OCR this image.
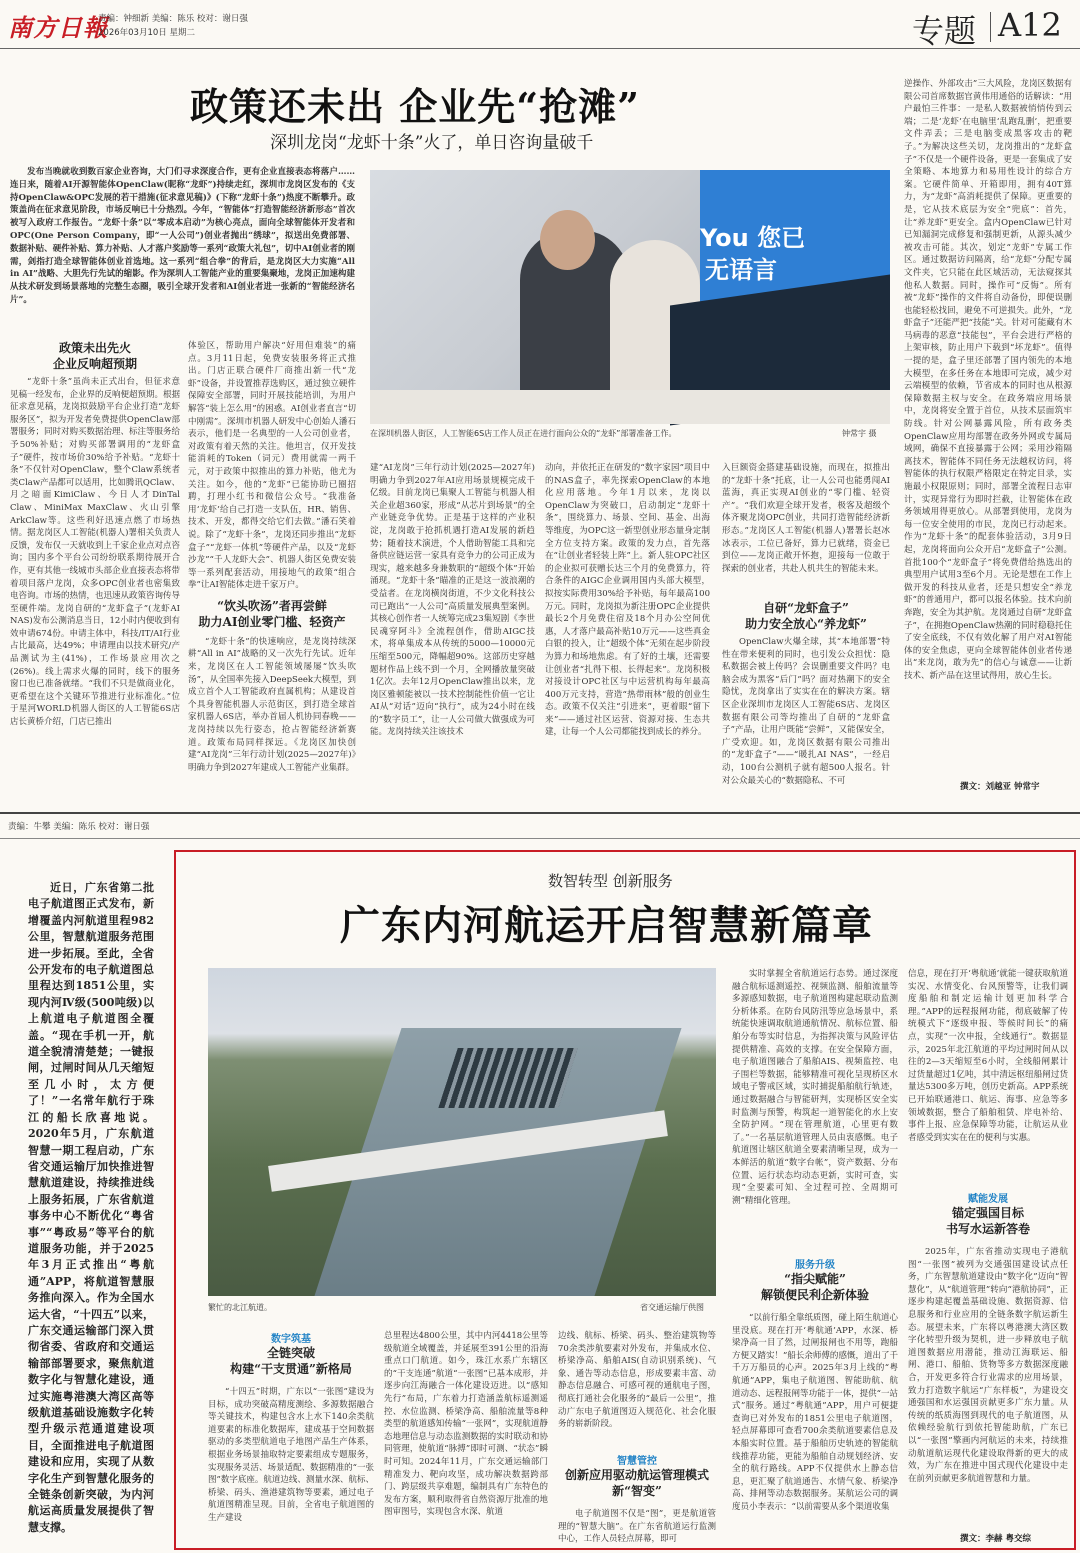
南方日報
责编：钟细新 美编：陈乐 校对：谢日强
2026年03月10日 星期二	专题 A12
政策还未出 企业先“抢滩”
深圳龙岗“龙虾十条”火了，单日咨询量破千
发布当晚就收到数百家企业咨询，大门们寻求深度合作，更有企业直接表态将落户……连日来，随着AI开源智能体OpenClaw(昵称“龙虾”)持续走红，深圳市龙岗区发布的《支持OpenClaw&OPC发展的若干措施(征求意见稿)》(下称“龙虾十条”)热度不断攀升。政策盖尚在征求意见阶段，市场反响已十分热烈。今年，“智能体”打造智能经济新形态”首次被写入政府工作报告。“龙虾十条”以“零成本启动”为核心亮点，面向全球智能体开发者和OPC(One Person Company，即“一人公司”)创业者抛出“绣球”，拟送出免费部署、数据补贴、硬件补贴、算力补贴、人才落户奖励等一系列“政策大礼包”，切中AI创业者的刚需，剑指打造全球智能体创业首选地。这一系列“组合拳”的背后，是龙岗区大力实施“All in AI”战略、大胆先行先试的缩影。作为深圳人工智能产业的重要集聚地，龙岗正加速构建从技术研发到场景落地的完整生态圈，吸引全球开发者和AI创业者进一张新的“智能经济名片”。
You 您已
无语言
在深圳机器人街区，人工智能6S店工作人员正在进行面向公众的“龙虾”部署准备工作。	钟常宇 摄
政策未出先火
企业反响超预期
“龙虾十条”虽尚未正式出台，但征求意见稿一经发布，企业界的反响便超预期。根据征求意见稿，龙岗拟鼓励平台企业打造“龙虾服务区”，拟为开发者免费提供OpenClaw部署服务；同时对购买数据治理、标注等服务给予50%补贴；对购买部署调用的“龙虾盒子”硬件，按市场价30%给予补贴。“龙虾十条”不仅针对OpenClaw，整个Claw系统者类Claw产品都可以适用，比如腾讯QClaw、月之暗面KimiClaw、今日人才DinTal Claw、MiniMax MaxClaw、火山引擎ArkClaw等。这些利好迅速点燃了市场热情。据龙岗区人工智能(机器人)署相关负责人反馈，发布仅一天就收到上千家企业点对点咨询；国内多个平台公司纷纷联系期待展开合作，更有其他一线城市头部企业直接表态将带着项目落户龙岗，众多OPC创业者也密集致电咨询。市场的热情，也迅速从政策咨询传导至硬件端。龙岗自研的“龙虾盒子”(龙虾AI NAS)发布公测消息当日，12小时内便收到有效申请674份。申请主体中，科技/IT/AI行业占比最高，达49%；申请理由以技术研究/产品测试为主(41%)，工作场景应用次之(26%)。线上需求火爆的同时，线下的服务窗口也已准备就绪。“我们不只是做商业化，更希望在这个关键环节推进行业标准化。”位于星河WORLD机器人街区的人工智能6S店店长黄桥介绍，门店已推出
体验区，帮助用户解决“好用但难装”的痛点。3月11日起，免费安装服务将正式推出。门店正联合硬件厂商推出新一代“龙虾”设备，并设置推荐选购区，通过独立硬件保障安全部署，同时开展技能培训，为用户解答“装上怎么用”的困惑。AI创业者直言“切中刚需”。深圳市机器人研发中心创始人潘石表示，他们是一名典型的一人公司创业者，对政策有着天然的关注。他坦言，仅开发技能消耗的Token（词元）费用就需一两千元，对于政策中拟推出的算力补贴，他尤为关注。如今，他的“龙虾”已能协助已圈招聘，打理小红书和微信公众号。“我准备用‘龙虾’给自己打造一支队伍，HR、销售、技术、开发，都得交给它们去做。”潘石笑着说。除了“龙虾十条”，龙岗还同步推出“龙虾盒子”“龙虾一体机”等硬件产品，以及“龙虾沙龙”“千人龙虾大会”、机器人街区免费安装等一系列配套活动，用接地气的政策“组合拳”让AI智能体走进千家万户。
“饮头吹汤”者再尝鲜
助力AI创业零门槛、轻资产
“龙虾十条”的快速响应，是龙岗持续深耕“All in AI”战略的又一次先行先试。近年来，龙岗区在人工智能领域屡屡“饮头吹汤”，从全国率先接入DeepSeek大模型，到成立首个人工智能政府直属机构；从建设首个具身智能机器人示范街区，到打造全球首家机器人6S店，举办首届人机协同春晚——龙岗持续以先行姿态，抢占智能经济新赛道。政策布局同样探远。《龙岗区加快创建“AI龙岗”三年行动计划(2025—2027年)》明确力争到2027年建成人工智能产业集群。
建“AI龙岗”三年行动计划(2025—2027年)明确力争到2027年AI应用场景规模完成千亿级。目前龙岗已集聚人工智能与机器人相关企业超360家，形成“从芯片到场景”的全产业链竞争优势。正是基于这样的产业积淀，龙岗敢于抢抓机遇打造AI发展的新趋势；随着技术演进，个人借助智能工具和完备供应链运营一家具有竞争力的公司正成为现实，越来越多身兼数职的“超级个体”开始涌现。“龙虾十条”瞄准的正是这一波浪潮的受益者。在龙岗横岗街道，不少文化科技公司已跑出“一人公司”高质量发展典型案例。其核心创作者一人统筹完成23集短剧《李世民魂穿阿斗》全流程创作，借助AIGC技术，将单集成本从传统的5000—10000元压缩至500元，降幅超90%。这部历史穿越题材作品上线不到一个月，全网播放量突破1亿次。去年12月OpenClaw推出以来，龙岗区雅顿能被以一技术控制能性价值一它让AI从“对话”迈向“执行”，成为24小时在线的“数字员工”，让一人公司做大做强成为可能。龙岗持续关注该技术
动向，并依托正在研发的“数字家园”项目中的NAS盒子，率先探索OpenClaw的本地化应用落地。今年1月以来，龙岗以OpenClaw为突破口，启动制定“龙虾十条”，围绕算力、场景、空间、基金、出海等维度，为OPC这一新型创业形态量身定制全方位支持方案。政策的发力点，首先落在“让创业者轻装上阵”上。新人驻OPC社区的企业拟可获赠长达三个月的免费算力，符合条件的AIGC企业调用国内头部大模型，拟按实际费用30%给予补贴，每年最高100万元。同时，龙岗拟为新注册OPC企业提供最长2个月免费住宿及18个月办公空间优惠，人才落户最高补贴10万元——这些真金白银的投入，让“超级个体”无须在起步阶段为算力和场地焦虑。有了好的土壤，还需要让创业者“扎得下根、长得起来”。龙岗积极对接设计OPC社区与中运营机构每年最高400万元支持，营造“热带雨林”般的创业生态。政策不仅关注“引进来”，更着眼“留下来”——通过社区运营、资源对接、生态共建，让每一个人公司都能找到成长的养分。
入巨额资金搭建基础设施，而现在，拟推出的“龙虾十条”托底，让一人公司也能勇闯AI蓝海，真正实现AI创业的“零门槛、轻资产”。“我们欢迎全球开发者，极客及超级个体齐聚龙岗OPC创业，共同打造智能经济新形态。”龙岗区人工智能(机器人)署署长赵冰冰表示，工位已备好，算力已就绪，资金已到位——龙岗正敞开怀抱，迎接每一位敢于探索的创业者，共赴人机共生的智能未来。
自研“龙虾盒子”
助力安全放心“养龙虾”
OpenClaw火爆全球，其“本地部署”特性在带来便利的同时，也引发公众担忧：隐私数据会被上传吗？会误删重要文件吗？电脑会成为黑客“后门”吗？面对热潮下的安全隐忧，龙岗拿出了实实在在的解决方案。辖区企业深圳市龙岗区人工智能6S店、龙岗区数据有限公司等均推出了自研的“龙虾盒子”产品，让用户既能“尝鲜”，又能保安全，广受欢迎。如，龙岗区数据有限公司推出的“龙虾盒子”——“暖扎AI NAS”，一经启动，100台公测机子就有超500人报名。针对公众最关心的“数据隐私、不可
逆操作、外部攻击”三大风险，龙岗区数据有限公司首席数据官黄伟用通俗的话解读：“用户最怕三件事：一是私人数据被悄悄传到云端；二是‘龙虾’在电脑里‘乱跑乱删’，把重要文件弄丢；三是电脑变成黑客攻击的靶子。”为解决这些关切，龙岗推出的“龙虾盒子”不仅是一个硬件设备，更是一套集成了安全策略、本地算力和易用性设计的综合方案。它硬件简单、开箱即用，拥有40T算力，为“龙虾”高消耗提供了保障。更重要的是，它从技术底层为安全“兜底”：首先，让“养龙虾”更安全。盒内OpenClaw已针对已知漏洞完成修复和强制更新，从源头减少被攻击可能。其次，划定“龙虾”专属工作区。通过数据访问隔离，给“龙虾”分配专属文件夹，它只能在此区域活动，无法窥探其他私人数据。同时，操作可“反悔”。所有被“龙虾”操作的文件将自动备份，即便误删也能轻松找回，避免不可逆损失。此外，“龙虾盒子”还能严把“技能”关。针对可能藏有木马病毒的恶意“技能包”，平台会进行严格的上架审核，防止用户下载到“坏龙虾”。值得一提的是，盒子里还部署了国内领先的本地大模型，在多任务在本地即可完成，减少对云端模型的依赖，节省成本的同时也从根源保障数据主权与安全。在政务端应用场景中，龙岗将安全置于首位，从技术层面筑牢防线。针对公网暴露风险，所有政务类OpenClaw应用均部署在政务外网或专属局域网，确保不直接暴露于公网；采用沙箱隔离技术，智能体不同任务无法越权访问，将智能体的执行权限严格限定在特定目录，实施最小权限原则；同时，部署全流程日志审计，实现异常行为即时拦截，让智能体在政务领域用得更放心。从部署到使用，龙岗为每一位安全使用的市民，龙岗已行动起来。作为“龙虾十条”的配套体验活动，3月9日起，龙岗将面向公众开启“龙虾盒子”公测。首批100个“龙虾盒子”将免费借给热选出的典型用户试用3至6个月。无论是想在工作上做开发的科技从业者，还是只想安全“养龙虾”的普通用户，都可以报名体验。技术向前奔跑，安全为其护航。龙岗通过自研“龙虾盒子”，在拥抱OpenClaw热潮的同时稳稳托住了安全底线，不仅有效化解了用户对AI智能体的安全焦虑，更向全球智能体创业者传递出“来龙岗，敢为先”的信心与诚意——让新技术、新产品在这里试得用，放心生长。
撰文：刘越亚 钟常宇
责编：牛攀 美编：陈乐 校对：谢日强
近日，广东省第二批电子航道图正式发布，新增覆盖内河航道里程982公里，智慧航道服务范围进一步拓展。至此，全省公开发布的电子航道图总里程达到1851公里，实现内河Ⅳ级(500吨级)以上航道电子航道图全覆盖。“现在手机一开，航道全貌清清楚楚；一键报闸，过闸时间从几天缩短至几小时，太方便了！”一名常年航行于珠江的船长欣喜地说。2020年5月，广东航道智慧一期工程启动，广东省交通运输厅加快推进智慧航道建设，持续推进线上服务拓展，广东省航道事务中心不断优化“粤省事”“粤政易”等平台的航道服务功能，并于2025年3月正式推出“粤航通”APP，将航道智慧服务推向深入。作为全国水运大省，“十四五”以来，广东交通运输部门深入贯彻省委、省政府和交通运输部部署要求，聚焦航道数字化与智慧化建设，通过实施粤港澳大湾区高等级航道基础设施数字化转型升级示范通道建设项目，全面推进电子航道图建设和应用，实现了从数字化生产到智慧化服务的全链条创新突破，为内河航运高质量发展提供了智慧支撑。
数智转型 创新服务
广东内河航运开启智慧新篇章
繁忙的北江航道。	省交通运输厅供图
数字筑基
全链突破
构建“干支贯通”新格局
“十四五”时期，广东以“一张图”建设为目标，成功突破高精度测绘、多源数据融合等关键技术，构建包含水上水下140余类航道要素的标准化数据库，建成基于空间数据驱动的多类型航道电子地图产品生产体系，根据业务场景抽取特定要素组成专题服务，实现服务灵活、场景适配、数据精准的“一张图”数字底座。航道边线、测量水深、航标、桥梁、码头、渔港建筑物等要素，通过电子航道图精准呈现。目前，全省电子航道图的生产建设
总里程达4800公里，其中内河4418公里等级航道全域覆盖，并延展至391公里的沿海重点口门航道。如今，珠江水系广东辖区的“干支连通”航道“一张图”已基本成形，并逐步向江海融合一体化建设迈进。以“感知先行”布局，广东着力打造涵盖航标遥测遥控、水位监测、桥梁净高、船舶流量等8种类型的航道感知传输“一张网”，实现航道静态地理信息与动态监测数据的实时联动和协同管理，使航道“脉搏”即时可测、“状态”瞬时可知。2024年11月，广东交通运输部门精准发力、靶向攻坚，成功解决数据跨部门、跨层级共享难题，编制具有广东特色的发布方案，顺利取得省自然资源厅批准的地图审图号，实现包含水深、航道
边线、航标、桥梁、码头、整治建筑物等70余类涉航要素对外发布，并集成水位、桥梁净高、船舶AIS(自动识别系统)、气象、通告等动态信息，形成要素丰富、动静态信息融合、可感可视的通航电子图，彻底打通社会化服务的“最后一公里”，推动广东电子航道图迈入规范化、社会化服务的崭新阶段。
智慧管控
创新应用驱动航运管理模式新“智变”
电子航道图不仅是“图”，更是航道管理的“智慧大脑”。在广东省航道运行监测中心，工作人员轻点屏幕，即可
实时掌握全省航道运行态势。通过深度融合航标遥测遥控、视频监测、船舶流量等多源感知数据，电子航道图构建起联动监测分析体系。在防台风防汛等应急场景中，系统能快速调取航道通航情况、航标位置、船舶分布等实时信息，为指挥决策与风险评估提供精准、高效的支撑。在安全保障方面，电子航道图融合了船舶AIS、视频监控、电子围栏等数据，能够精准可视化呈现桥区水域电子警戒区域，实时捕捉船舶航行轨迹，通过数据融合与智能研判，实现桥区安全实时监测与预警，构筑起一道智能化的水上安全防护网。“现在管理航道，心里更有数了。”一名基层航道管理人员由衷感慨。电子航道图让辖区航道全要素清晰呈现，成为一本鲜活的航道“数字台帐”，资产数据、分布位置、运行状态均动态更新，实时可查，实现“全要素可知、全过程可控、全周期可溯”精细化管理。
服务升级
“指尖赋能”
解锁便民利企新体验
“以前行船全靠纸质图，碰上陌生航道心里没底。现在打开‘粤航通’APP，水深、桥梁净高一目了然，过闸报闸也不用等，跑船方便又踏实！”船长余师傅的感慨，道出了千千万万船员的心声。2025年3月上线的“粤航通”APP，集电子航道图、智能助航、航道动态、远程报闸等功能于一体，提供“一站式”服务。通过“粤航通”APP，用户可便捷查询已对外发布的1851公里电子航道图，轻点屏幕即可查看700余类航道要素信息及本船实时位置。基于船舶历史轨迹的智能航线推荐功能，更能为船舶自动规划经济、安全的航行路线。APP不仅提供水上静态信息，更汇聚了航道通告、水情气象、桥梁净高、排闸等动态数据服务。某航运公司的调度员小李表示：“以前需要从多个渠道收集
信息，现在打开‘粤航通’就能一键获取航道实况、水情变化、台风预警等，让我们调度船舶和制定运输计划更加科学合理。”APP的远程报闸功能，彻底破解了传统模式下“逐级申报、等候时间长”的痛点，实现“一次申报，全线通行”。数据显示，2025年北江航道的平均过闸时间从以往的2—3天缩短至6小时，全线船闸累计过货量超过1亿吨，其中清远枢纽船闸过货量达5300多万吨，创历史新高。APP系统已开始联通港口、航运、海事、应急等多领域数据，整合了船舶租赁、岸电补给、事件上报、应急保障等功能，让航运从业者感受到实实在在的便利与实惠。
赋能发展
锚定强国目标
书写水运新答卷
2025年，广东省推动实现电子港航图“一张图”被列为交通强国建设试点任务，广东智慧航道建设由“数字化”迈向“智慧化”，从“航道管理”转向“港航协同”，正逐步构建起覆盖基础设施、数据资源、信息服务和行业应用的全链条数字航运新生态。展望未来，广东将以粤港澳大湾区数字化转型升级为契机，进一步释放电子航道图数据应用潜能，推动江海联运、船闸、港口、船舶、货物等多方数据深度融合，开发更多符合行业需求的应用场景，致力打造数字航运“广东样板”，为建设交通强国和水运强国贡献更多广东力量。从传统的纸质海图到现代的电子航道图，从依赖经验航行到依托智能助航，广东已以“一张图”擎画内河航运的未来，持续推动航道航运现代化建设取得新的更大的成效，为广东在推进中国式现代化建设中走在前列贡献更多航道智慧和力量。
撰文：李赫 粤交综
